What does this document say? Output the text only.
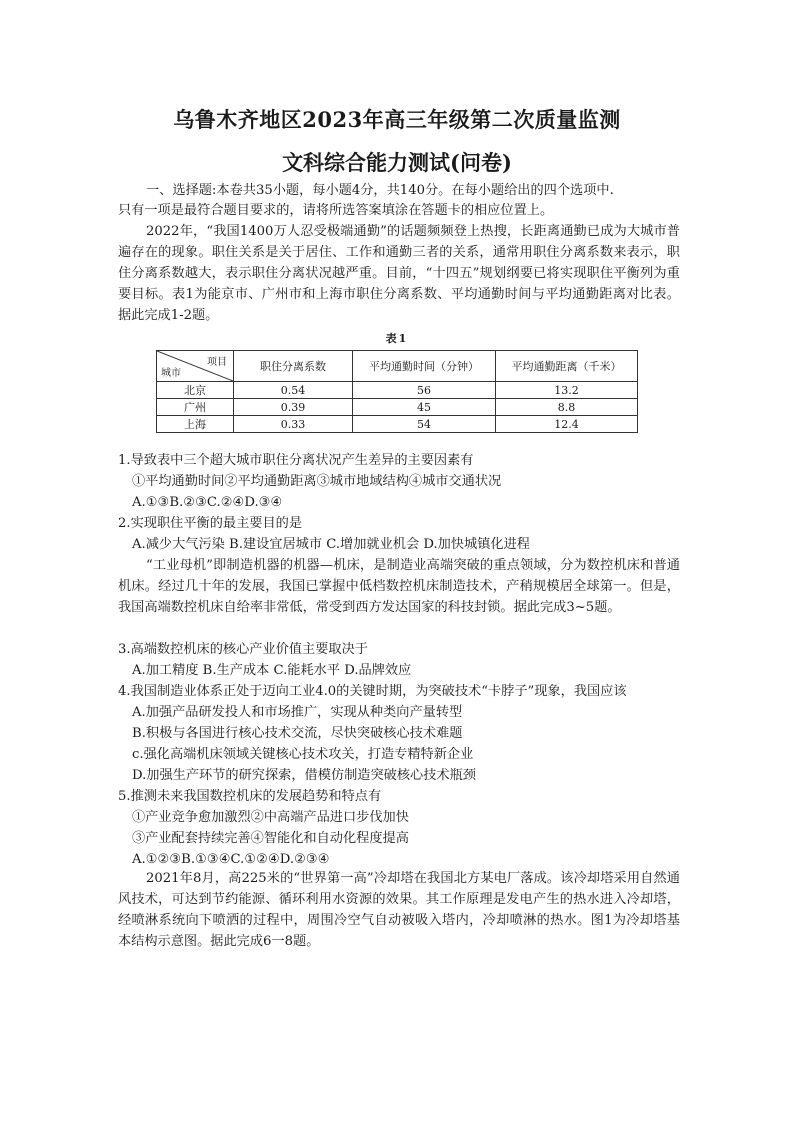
乌鲁木齐地区2023年高三年级第二次质量监测
文科综合能力测试(问卷)
一、选择题:本卷共35小题，每小题4分，共140分。在每小题给出的四个选项中.
只有一项是最符合题目要求的，请将所选答案填涂在答题卡的相应位置上。
2022年，“我国1400万人忍受极端通勤”的话题频频登上热搜，长距离通勤已成为大城市普遍存在的现象。职住关系是关于居住、工作和通勤三者的关系，通常用职住分离系数来表示，职住分离系数越大，表示职住分离状况越严重。目前，“十四五”规划纲要已将实现职住平衡列为重要目标。表1为能京市、广州市和上海市职住分离系数、平均通勤时间与平均通勤距离对比表。据此完成1-2题。
表1
项目
城市	职住分离系数	平均通勤时间（分钟）	平均通勤距离（千米）
北京	0.54	56	13.2
广州	0.39	45	8.8
上海	0.33	54	12.4
1.导致表中三个超大城市职住分离状况产生差异的主要因素有
①平均通勤时间②平均通勤距离③城市地域结构④城市交通状况
A.①③B.②③C.②④D.③④
2.实现职住平衡的最主要目的是
A.减少大气污染 B.建设宜居城市 C.增加就业机会 D.加快城镇化进程
“工业母机”即制造机器的机器—机床，是制造业高端突破的重点领域，分为数控机床和普通机床。经过几十年的发展，我国已掌握中低档数控机床制造技术，产稍规模居全球第一。但是，我国高端数控机床自给率非常低，常受到西方发达国家的科技封锁。据此完成3~5题。
3.高端数控机床的核心产业价值主要取决于
A.加工精度 B.生产成本 C.能耗水平 D.品牌效应
4.我国制造业体系正处于迈向工业4.0的关键时期，为突破技术“卡脖子”现象，我国应该
A.加强产品研发投人和市场推广，实现从种类向产量转型
B.积极与各国进行核心技术交流，尽快突破核心技术难题
c.强化高端机床领域关键核心技术攻关，打造专精特新企业
D.加强生产环节的研究探索，借模仿制造突破核心技术瓶颈
5.推测未来我国数控机床的发展趋势和特点有
①产业竞争愈加激烈②中高端产品进口步伐加快
③产业配套持续完善④智能化和自动化程度提高
A.①②③B.①③④C.①②④D.②③④
2021年8月，高225米的“世界第一高”冷却塔在我国北方某电厂落成。该冷却塔采用自然通风技术，可达到节约能源、循环利用水资源的效果。其工作原理是发电产生的热水进入冷却塔，经喷淋系统向下喷洒的过程中，周围冷空气自动被吸入塔内，冷却喷淋的热水。图1为冷却塔基本结构示意图。据此完成6一8题。
